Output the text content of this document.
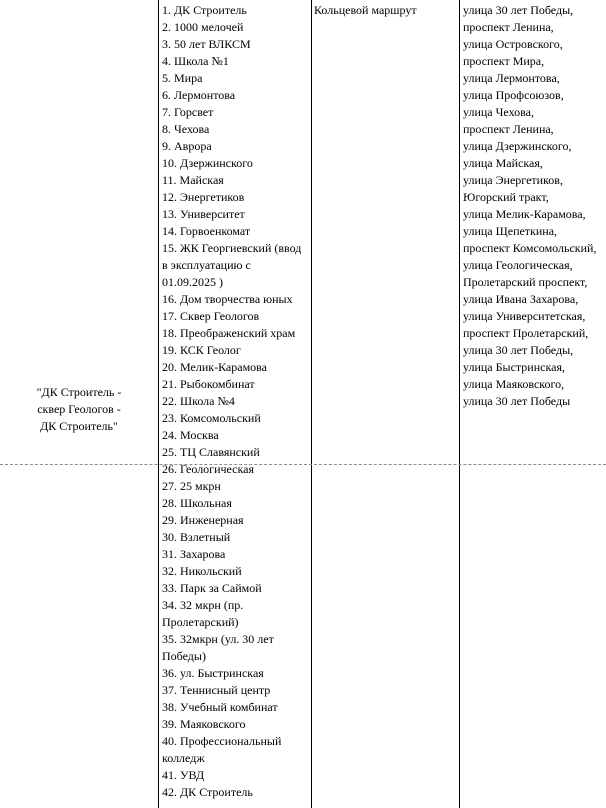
"ДК Строитель -
сквер Геологов -
ДК Строитель"
1. ДК Строитель
2. 1000 мелочей
3. 50 лет ВЛКСМ
4. Школа №1
5. Мира
6. Лермонтова
7. Горсвет
8. Чехова
9. Аврора
10. Дзержинского
11. Майская
12. Энергетиков
13. Университет
14. Горвоенкомат
15. ЖК Георгиевский (ввод
в эксплуатацию с
01.09.2025 )
16. Дом творчества юных
17. Сквер Геологов
18. Преображенский храм
19. КСК Геолог
20. Мелик-Карамова
21. Рыбокомбинат
22. Школа №4
23. Комсомольский
24. Москва
25. ТЦ Славянский
26. Геологическая
27. 25 мкрн
28. Школьная
29. Инженерная
30. Взлетный
31. Захарова
32. Никольский
33. Парк за Саймой
34. 32 мкрн (пр.
Пролетарский)
35. 32мкрн (ул. 30 лет
Победы)
36. ул. Быстринская
37. Теннисный центр
38. Учебный комбинат
39. Маяковского
40. Профессиональный
колледж
41. УВД
42. ДК Строитель
Кольцевой маршрут	улица 30 лет Победы,
проспект Ленина,
улица Островского,
проспект Мира,
улица Лермонтова,
улица Профсоюзов,
улица Чехова,
проспект Ленина,
улица Дзержинского,
улица Майская,
улица Энергетиков,
Югорский тракт,
улица Мелик-Карамова,
улица Щепеткина,
проспект Комсомольский,
улица Геологическая,
Пролетарский проспект,
улица Ивана Захарова,
улица Университетская,
проспект Пролетарский,
улица 30 лет Победы,
улица Быстринская,
улица Маяковского,
улица 30 лет Победы
